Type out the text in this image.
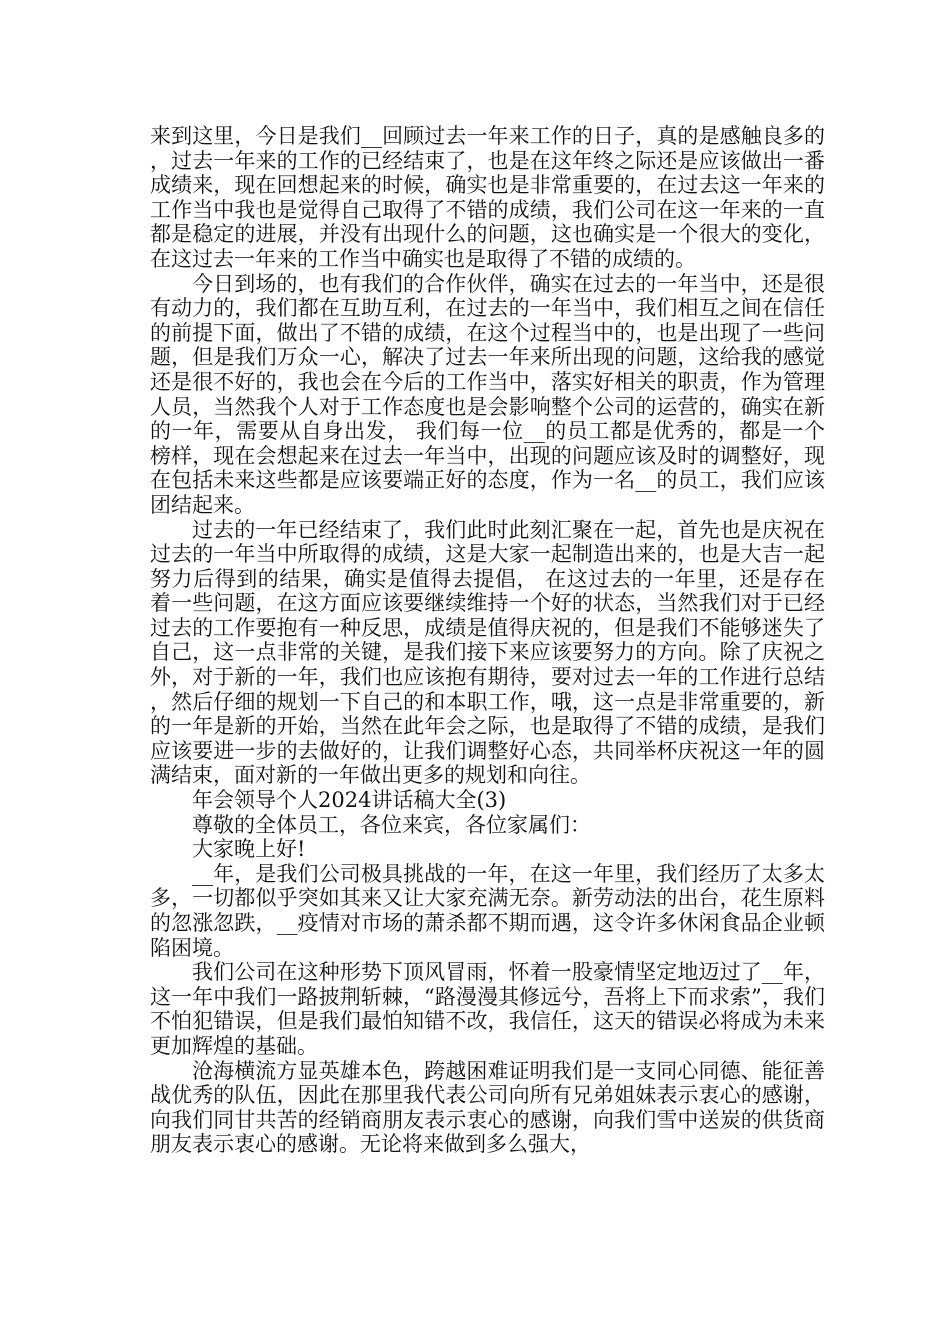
来到这里，今日是我们__回顾过去一年来工作的日子，真的是感触良多的，过去一年来的工作的已经结束了，也是在这年终之际还是应该做出一番成绩来，现在回想起来的时候，确实也是非常重要的，在过去这一年来的工作当中我也是觉得自己取得了不错的成绩，我们公司在这一年来的一直都是稳定的进展，并没有出现什么的问题，这也确实是一个很大的变化，在这过去一年来的工作当中确实也是取得了不错的成绩的。

今日到场的，也有我们的合作伙伴，确实在过去的一年当中，还是很有动力的，我们都在互助互利，在过去的一年当中，我们相互之间在信任的前提下面，做出了不错的成绩，在这个过程当中的，也是出现了一些问题，但是我们万众一心，解决了过去一年来所出现的问题，这给我的感觉还是很不好的，我也会在今后的工作当中，落实好相关的职责，作为管理人员，当然我个人对于工作态度也是会影响整个公司的运营的，确实在新的一年，需要从自身出发， 我们每一位__的员工都是优秀的，都是一个榜样，现在会想起来在过去一年当中，出现的问题应该及时的调整好，现在包括未来这些都是应该要端正好的态度，作为一名__的员工，我们应该团结起来。

过去的一年已经结束了，我们此时此刻汇聚在一起，首先也是庆祝在过去的一年当中所取得的成绩，这是大家一起制造出来的，也是大吉一起努力后得到的结果，确实是值得去提倡， 在这过去的一年里，还是存在着一些问题，在这方面应该要继续维持一个好的状态，当然我们对于已经过去的工作要抱有一种反思，成绩是值得庆祝的，但是我们不能够迷失了自己，这一点非常的关键，是我们接下来应该要努力的方向。除了庆祝之外，对于新的一年，我们也应该抱有期待，要对过去一年的工作进行总结，然后仔细的规划一下自己的和本职工作，哦，这一点是非常重要的，新的一年是新的开始，当然在此年会之际，也是取得了不错的成绩，是我们应该要进一步的去做好的，让我们调整好心态，共同举杯庆祝这一年的圆满结束，面对新的一年做出更多的规划和向往。

年会领导个人2024讲话稿大全(3)

尊敬的全体员工，各位来宾，各位家属们：

大家晚上好!

__年，是我们公司极具挑战的一年，在这一年里，我们经历了太多太多，一切都似乎突如其来又让大家充满无奈。新劳动法的出台，花生原料的忽涨忽跌，__疫情对市场的萧杀都不期而遇，这令许多休闲食品企业顿陷困境。

我们公司在这种形势下顶风冒雨，怀着一股豪情坚定地迈过了__年，这一年中我们一路披荆斩棘，“路漫漫其修远兮，吾将上下而求索”，我们不怕犯错误，但是我们最怕知错不改，我信任，这天的错误必将成为未来更加辉煌的基础。

沧海横流方显英雄本色，跨越困难证明我们是一支同心同德、能征善战优秀的队伍，因此在那里我代表公司向所有兄弟姐妹表示衷心的感谢，向我们同甘共苦的经销商朋友表示衷心的感谢，向我们雪中送炭的供货商朋友表示衷心的感谢。无论将来做到多么强大，
